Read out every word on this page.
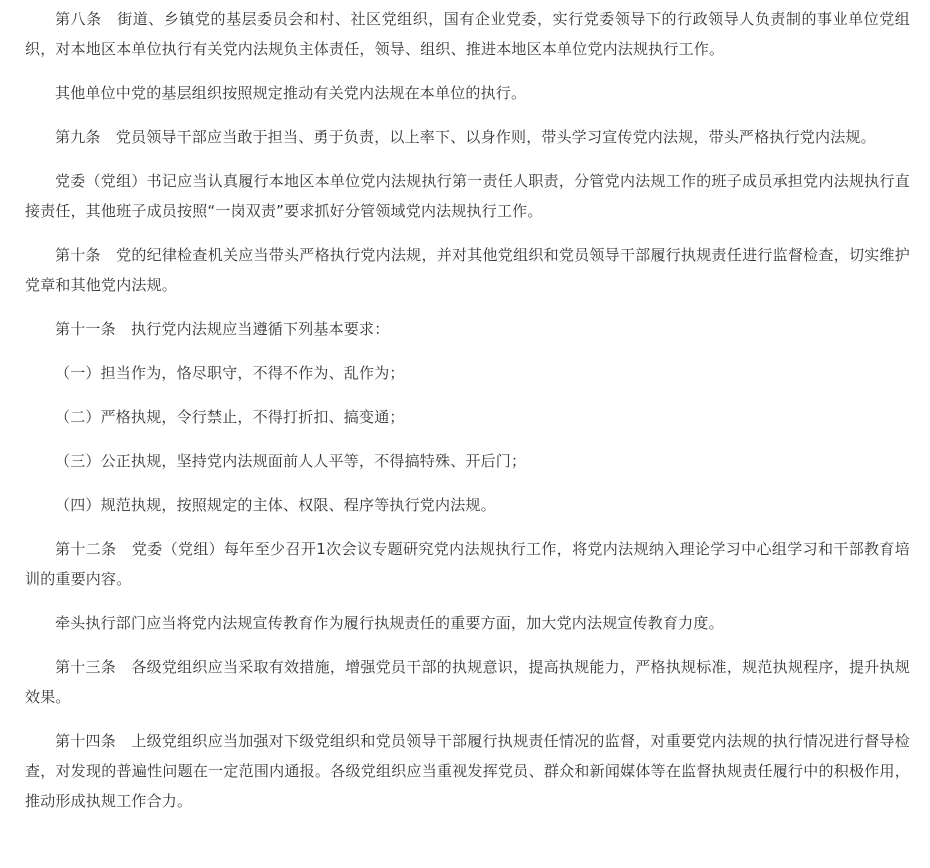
第八条　街道、乡镇党的基层委员会和村、社区党组织，国有企业党委，实行党委领导下的行政领导人负责制的事业单位党组织，对本地区本单位执行有关党内法规负主体责任，领导、组织、推进本地区本单位党内法规执行工作。

其他单位中党的基层组织按照规定推动有关党内法规在本单位的执行。

第九条　党员领导干部应当敢于担当、勇于负责，以上率下、以身作则，带头学习宣传党内法规，带头严格执行党内法规。

党委（党组）书记应当认真履行本地区本单位党内法规执行第一责任人职责，分管党内法规工作的班子成员承担党内法规执行直接责任，其他班子成员按照“一岗双责”要求抓好分管领域党内法规执行工作。

第十条　党的纪律检查机关应当带头严格执行党内法规，并对其他党组织和党员领导干部履行执规责任进行监督检查，切实维护党章和其他党内法规。

第十一条　执行党内法规应当遵循下列基本要求：

（一）担当作为，恪尽职守，不得不作为、乱作为；

（二）严格执规，令行禁止，不得打折扣、搞变通；

（三）公正执规，坚持党内法规面前人人平等，不得搞特殊、开后门；

（四）规范执规，按照规定的主体、权限、程序等执行党内法规。

第十二条　党委（党组）每年至少召开1次会议专题研究党内法规执行工作，将党内法规纳入理论学习中心组学习和干部教育培训的重要内容。

牵头执行部门应当将党内法规宣传教育作为履行执规责任的重要方面，加大党内法规宣传教育力度。

第十三条　各级党组织应当采取有效措施，增强党员干部的执规意识，提高执规能力，严格执规标准，规范执规程序，提升执规效果。

第十四条　上级党组织应当加强对下级党组织和党员领导干部履行执规责任情况的监督，对重要党内法规的执行情况进行督导检查，对发现的普遍性问题在一定范围内通报。各级党组织应当重视发挥党员、群众和新闻媒体等在监督执规责任履行中的积极作用，推动形成执规工作合力。
